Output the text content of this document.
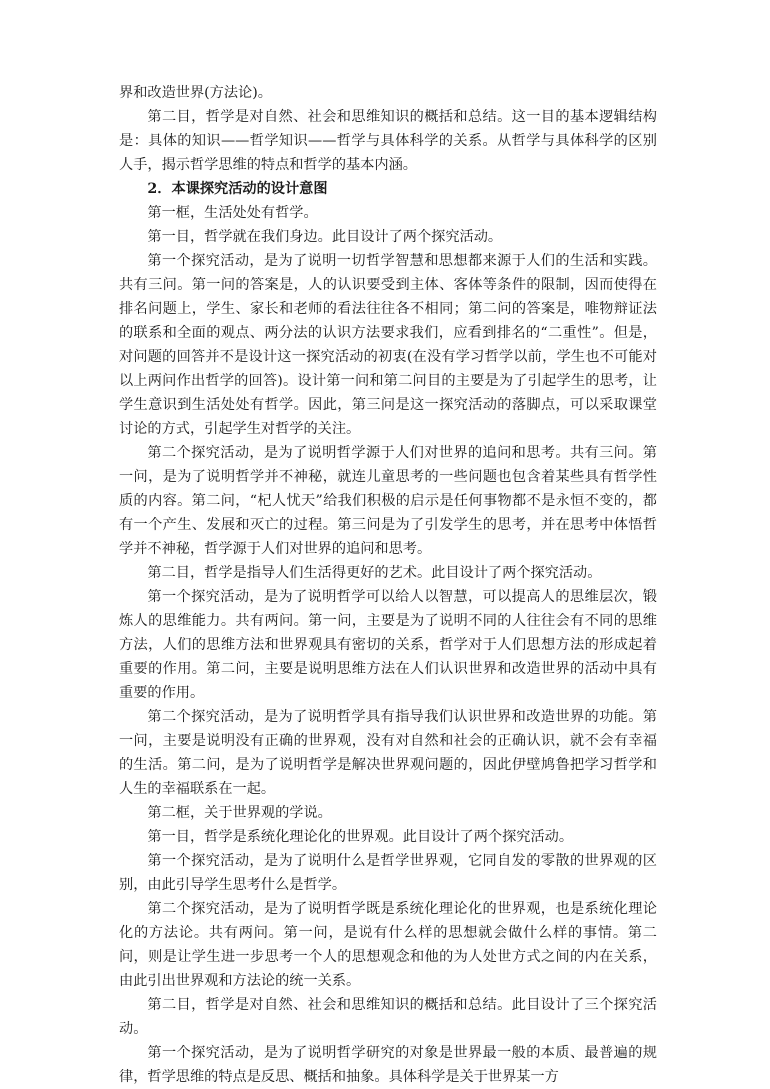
界和改造世界(方法论)。

第二目，哲学是对自然、社会和思维知识的概括和总结。这一目的基本逻辑结构是：具体的知识——哲学知识——哲学与具体科学的关系。从哲学与具体科学的区别人手，揭示哲学思维的特点和哲学的基本内涵。

2．本课探究活动的设计意图

第一框，生活处处有哲学。

第一目，哲学就在我们身边。此目设计了两个探究活动。

第一个探究活动，是为了说明一切哲学智慧和思想都来源于人们的生活和实践。共有三问。第一问的答案是，人的认识要受到主体、客体等条件的限制，因而使得在排名问题上，学生、家长和老师的看法往往各不相同；第二问的答案是，唯物辩证法的联系和全面的观点、两分法的认识方法要求我们，应看到排名的“二重性”。但是，对问题的回答并不是设计这一探究活动的初衷(在没有学习哲学以前，学生也不可能对以上两问作出哲学的回答)。设计第一问和第二问目的主要是为了引起学生的思考，让学生意识到生活处处有哲学。因此，第三问是这一探究活动的落脚点，可以采取课堂讨论的方式，引起学生对哲学的关注。

第二个探究活动，是为了说明哲学源于人们对世界的追问和思考。共有三问。第一问，是为了说明哲学并不神秘，就连儿童思考的一些问题也包含着某些具有哲学性质的内容。第二问，“杞人忧天”给我们积极的启示是任何事物都不是永恒不变的，都有一个产生、发展和灭亡的过程。第三问是为了引发学生的思考，并在思考中体悟哲学并不神秘，哲学源于人们对世界的追问和思考。

第二目，哲学是指导人们生活得更好的艺术。此目设计了两个探究活动。

第一个探究活动，是为了说明哲学可以给人以智慧，可以提高人的思维层次，锻炼人的思维能力。共有两问。第一问，主要是为了说明不同的人往往会有不同的思维方法，人们的思维方法和世界观具有密切的关系，哲学对于人们思想方法的形成起着重要的作用。第二问，主要是说明思维方法在人们认识世界和改造世界的活动中具有重要的作用。

第二个探究活动，是为了说明哲学具有指导我们认识世界和改造世界的功能。第一问，主要是说明没有正确的世界观，没有对自然和社会的正确认识，就不会有幸福的生活。第二问，是为了说明哲学是解决世界观问题的，因此伊壁鸠鲁把学习哲学和人生的幸福联系在一起。

第二框，关于世界观的学说。

第一目，哲学是系统化理论化的世界观。此目设计了两个探究活动。

第一个探究活动，是为了说明什么是哲学世界观，它同自发的零散的世界观的区别，由此引导学生思考什么是哲学。

第二个探究活动，是为了说明哲学既是系统化理论化的世界观，也是系统化理论化的方法论。共有两问。第一问，是说有什么样的思想就会做什么样的事情。第二问，则是让学生进一步思考一个人的思想观念和他的为人处世方式之间的内在关系，由此引出世界观和方法论的统一关系。

第二目，哲学是对自然、社会和思维知识的概括和总结。此目设计了三个探究活动。

第一个探究活动，是为了说明哲学研究的对象是世界最一般的本质、最普遍的规律，哲学思维的特点是反思、概括和抽象。具体科学是关于世界某一方
